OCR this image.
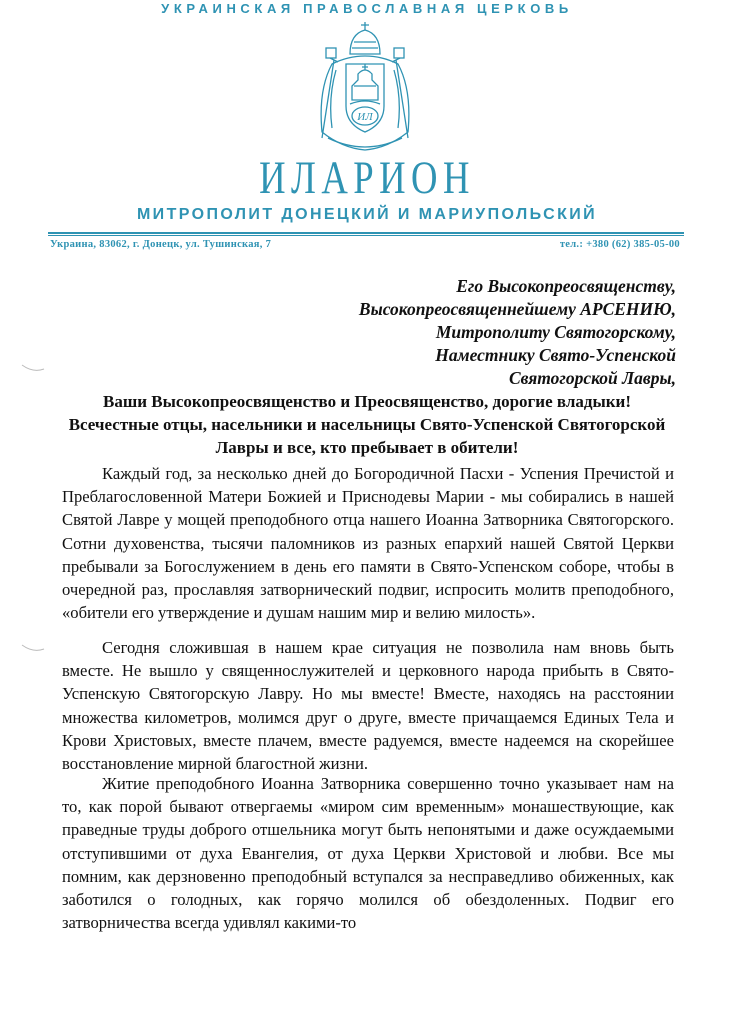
УКРАИНСКАЯ ПРАВОСЛАВНАЯ ЦЕРКОВЬ
ИЛ
ИЛАРИОН
МИТРОПОЛИТ ДОНЕЦКИЙ И МАРИУПОЛЬСКИЙ
Украина, 83062, г. Донецк, ул. Тушинская, 7	тел.: +380 (62) 385-05-00
Его Высокопреосвященству,
Высокопреосвященнейшему АРСЕНИЮ,
Митрополиту Святогорскому,
Наместнику Свято-Успенской
Святогорской Лавры,
Ваши Высокопреосвященство и Преосвященство, дорогие владыки!
Всечестные отцы, насельники и насельницы Свято-Успенской Святогорской
Лавры и все, кто пребывает в обители!
Каждый год, за несколько дней до Богородичной Пасхи - Успения Пречистой и Преблагословенной Матери Божией и Приснодевы Марии - мы собирались в нашей Святой Лавре у мощей преподобного отца нашего Иоанна Затворника Святогорского. Сотни духовенства, тысячи паломников из разных епархий нашей Святой Церкви пребывали за Богослужением в день его памяти в Свято-Успенском соборе, чтобы в очередной раз, прославляя затворнический подвиг, испросить молитв преподобного, «обители его утверждение и душам нашим мир и велию милость».
Сегодня сложившая в нашем крае ситуация не позволила нам вновь быть вместе. Не вышло у священнослужителей и церковного народа прибыть в Свято-Успенскую Святогорскую Лавру. Но мы вместе! Вместе, находясь на расстоянии множества километров, молимся друг о друге, вместе причащаемся Единых Тела и Крови Христовых, вместе плачем, вместе радуемся, вместе надеемся на скорейшее восстановление мирной благостной жизни.
Житие преподобного Иоанна Затворника совершенно точно указывает нам на то, как порой бывают отвергаемы «миром сим временным» монашествующие, как праведные труды доброго отшельника могут быть непонятыми и даже осуждаемыми отступившими от духа Евангелия, от духа Церкви Христовой и любви. Все мы помним, как дерзновенно преподобный вступался за несправедливо обиженных, как заботился о голодных, как горячо молился об обездоленных. Подвиг его затворничества всегда удивлял какими-то
